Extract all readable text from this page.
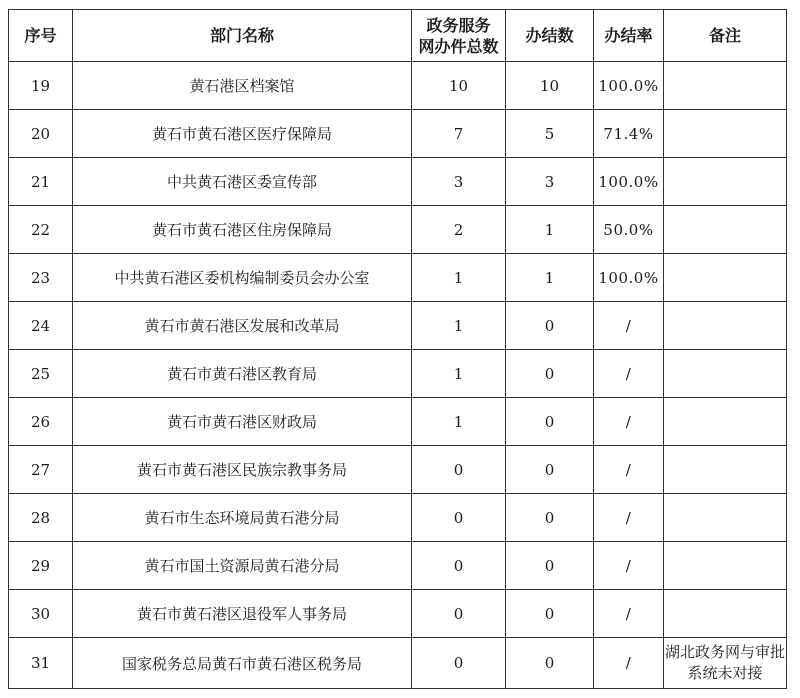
序号	部门名称	政务服务
网办件总数	办结数	办结率	备注
19	黄石港区档案馆	10	10	100.0%	

20	黄石市黄石港区医疗保障局	7	5	71.4%	

21	中共黄石港区委宣传部	3	3	100.0%	

22	黄石市黄石港区住房保障局	2	1	50.0%	

23	中共黄石港区委机构编制委员会办公室	1	1	100.0%	

24	黄石市黄石港区发展和改革局	1	0	/	

25	黄石市黄石港区教育局	1	0	/	

26	黄石市黄石港区财政局	1	0	/	

27	黄石市黄石港区民族宗教事务局	0	0	/	

28	黄石市生态环境局黄石港分局	0	0	/	

29	黄石市国土资源局黄石港分局	0	0	/	

30	黄石市黄石港区退役军人事务局	0	0	/	

31	国家税务总局黄石市黄石港区税务局	0	0	/	湖北政务网与审批
系统未对接
